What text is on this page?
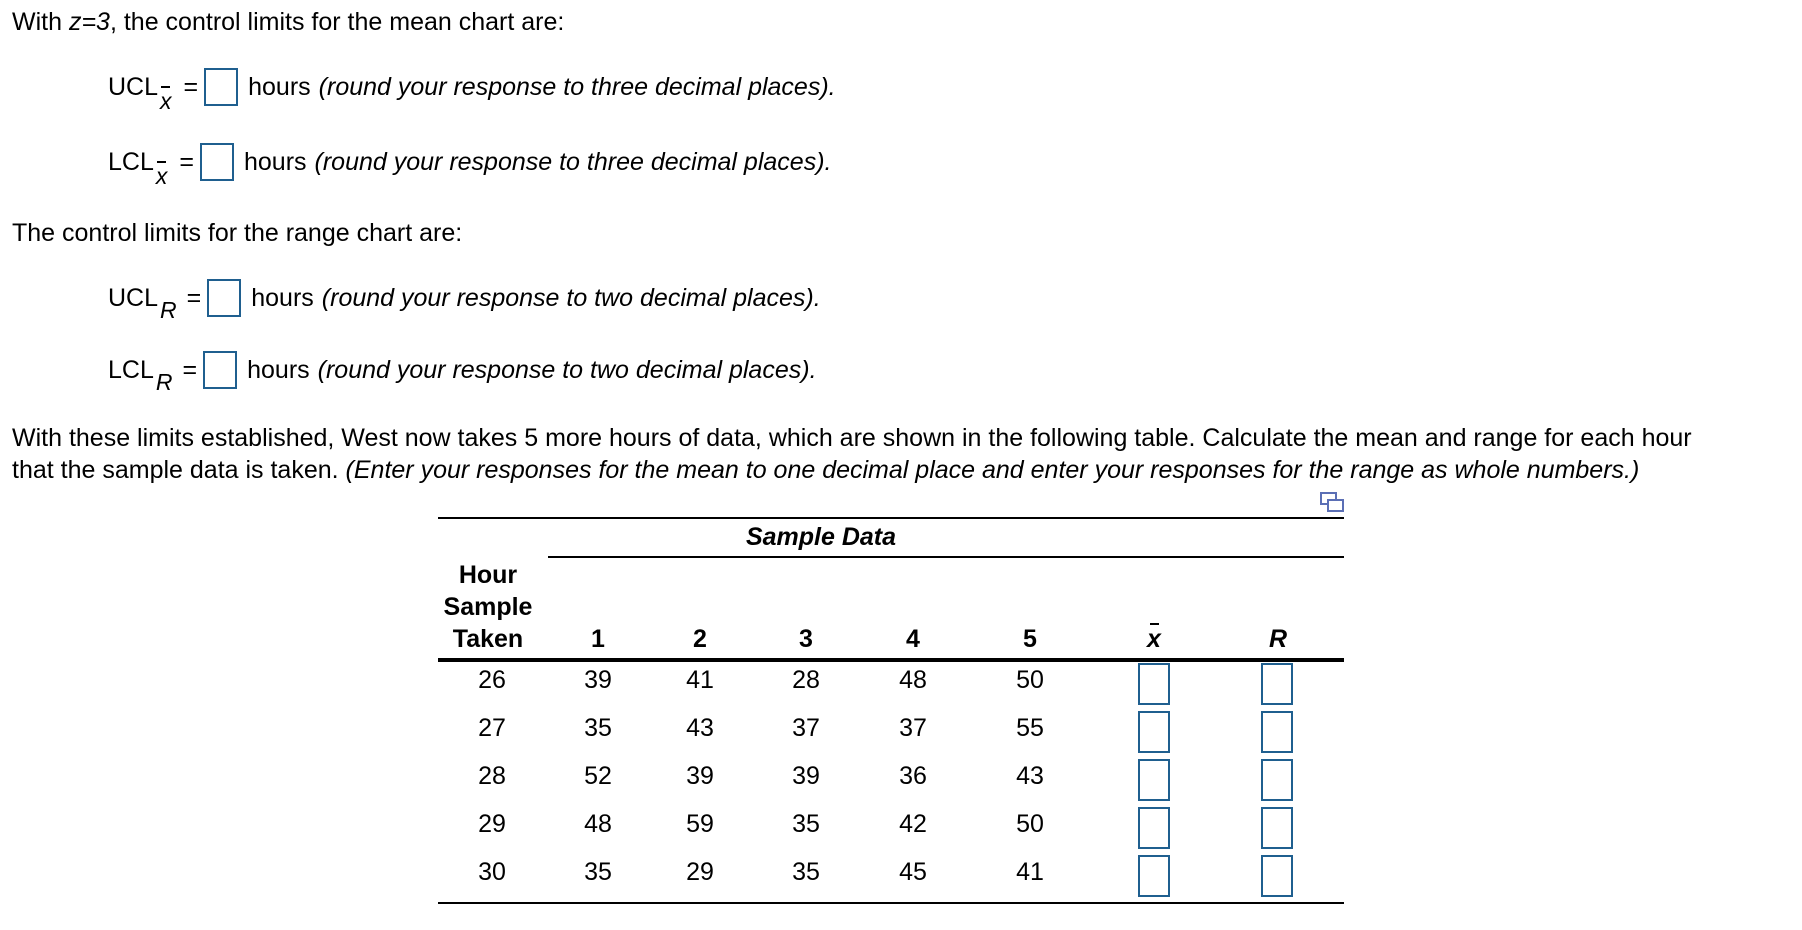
With z=3, the control limits for the mean chart are:
UCL x = hours (round your response to three decimal places).
LCL x = hours (round your response to three decimal places).
The control limits for the range chart are:
UCL R = hours (round your response to two decimal places).
LCL R = hours (round your response to two decimal places).
With these limits established, West now takes 5 more hours of data, which are shown in the following table. Calculate the mean and range for each hour
that the sample data is taken. (Enter your responses for the mean to one decimal place and enter your responses for the range as whole numbers.)
Sample Data
Hour
Sample
Taken	1	2	3	4	5	x	R
26	39	41	28	48	50
27	35	43	37	37	55
28	52	39	39	36	43
29	48	59	35	42	50
30	35	29	35	45	41
